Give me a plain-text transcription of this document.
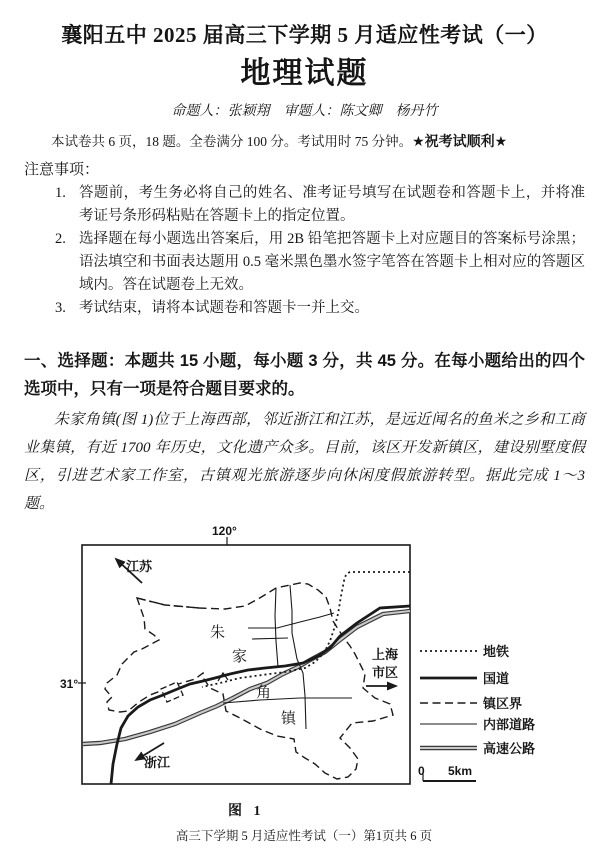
襄阳五中 2025 届高三下学期 5 月适应性考试（一）
地理试题
命题人：张颖翔　审题人：陈文卿　杨丹竹
本试卷共 6 页，18 题。全卷满分 100 分。考试用时 75 分钟。★祝考试顺利★
注意事项：
1. 答题前，考生务必将自己的姓名、准考证号填写在试题卷和答题卡上，并将准考证号条形码粘贴在答题卡上的指定位置。
2. 选择题在每小题选出答案后，用 2B 铅笔把答题卡上对应题目的答案标号涂黑；语法填空和书面表达题用 0.5 毫米黑色墨水签字笔答在答题卡上相对应的答题区域内。答在试题卷上无效。
3. 考试结束，请将本试题卷和答题卡一并上交。
一、选择题：本题共 15 小题，每小题 3 分，共 45 分。在每小题给出的四个选项中，只有一项是符合题目要求的。

朱家角镇(图 1)位于上海西部，邻近浙江和江苏，是远近闻名的鱼米之乡和工商业集镇，有近 1700 年历史，文化遗产众多。目前，该区开发新镇区，建设别墅度假区，引进艺术家工作室，古镇观光旅游逐步向休闲度假旅游转型。据此完成 1～3 题。

120°
31°
江苏
浙江
上海
市区
朱
家
角
镇
地铁
国道
镇区界
内部道路
高速公路
0 5km
图 1
高三下学期 5 月适应性考试（一）第1页共 6 页
